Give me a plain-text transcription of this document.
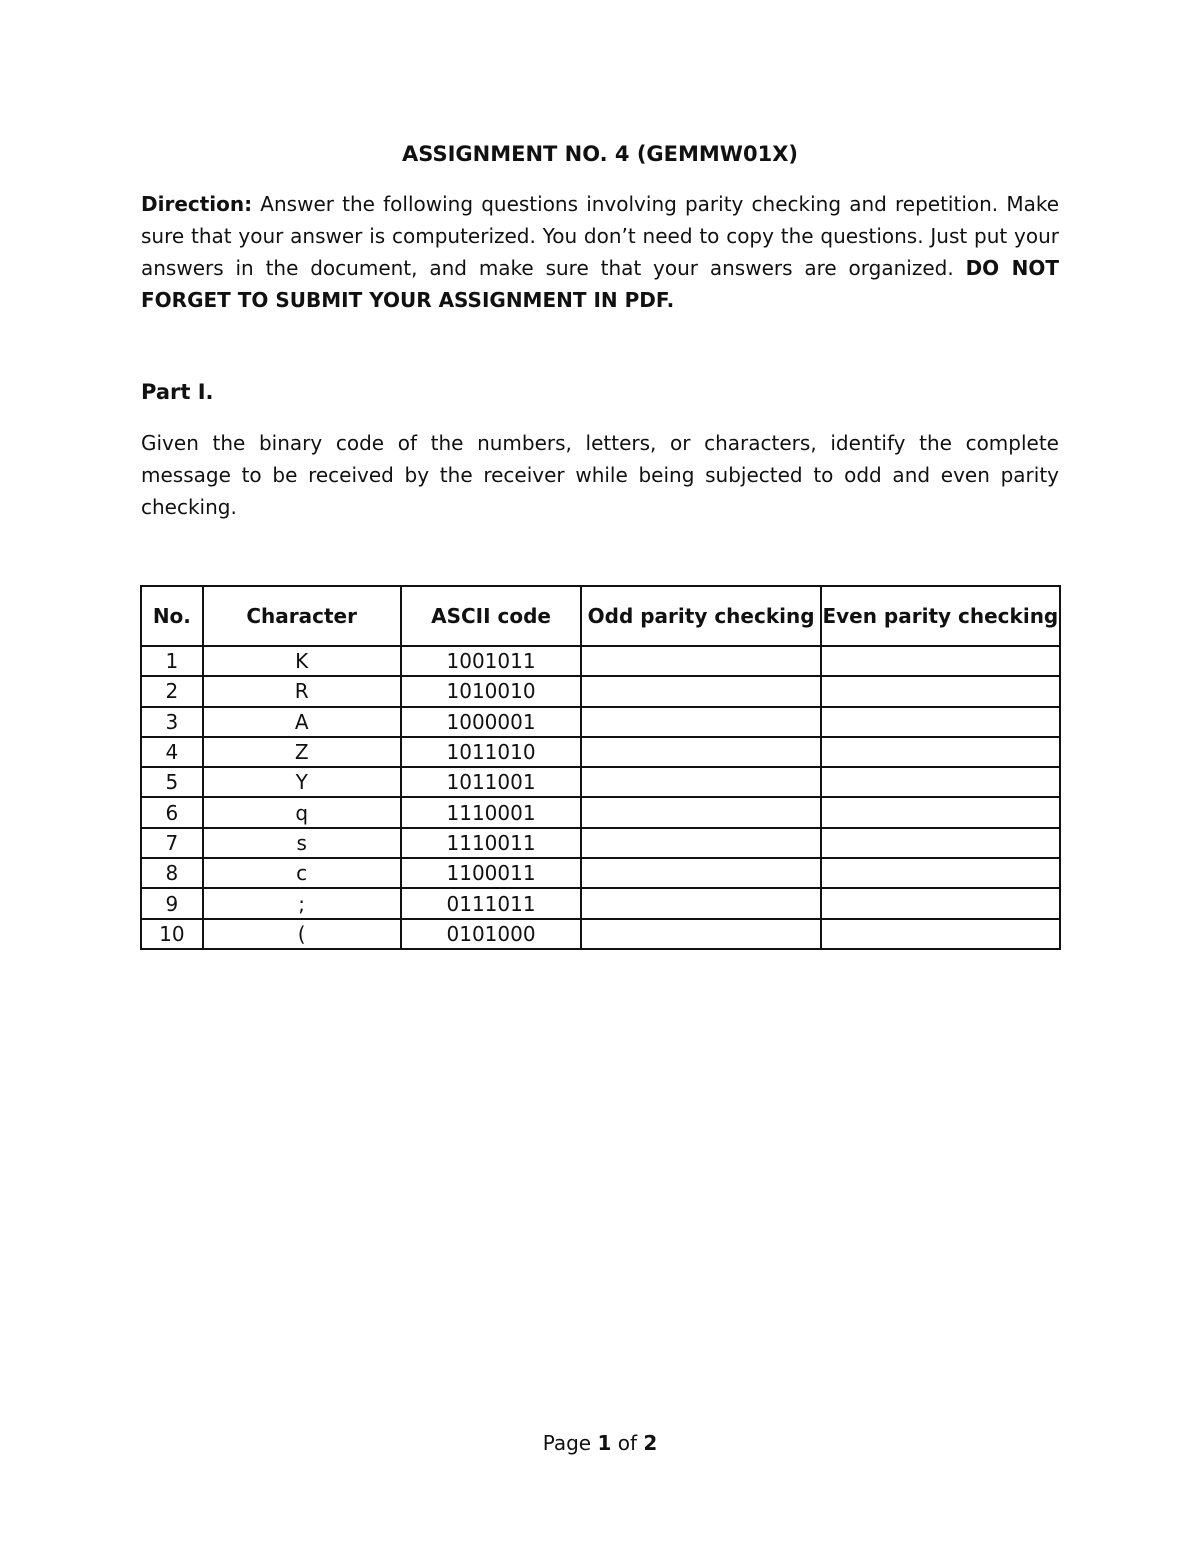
ASSIGNMENT NO. 4 (GEMMW01X)
Direction: Answer the following questions involving parity checking and repetition. Make sure that your answer is computerized. You don’t need to copy the questions. Just put your answers in the document, and make sure that your answers are organized. DO NOT FORGET TO SUBMIT YOUR ASSIGNMENT IN PDF.
Part I.
Given the binary code of the numbers, letters, or characters, identify the complete message to be received by the receiver while being subjected to odd and even parity checking.
No.	Character	ASCII code	Odd parity checking	Even parity checking
1	K	1001011		
2	R	1010010		
3	A	1000001		
4	Z	1011010		
5	Y	1011001		
6	q	1110001		
7	s	1110011		
8	c	1100011		
9	;	0111011		
10	(	0101000		
Page 1 of 2
